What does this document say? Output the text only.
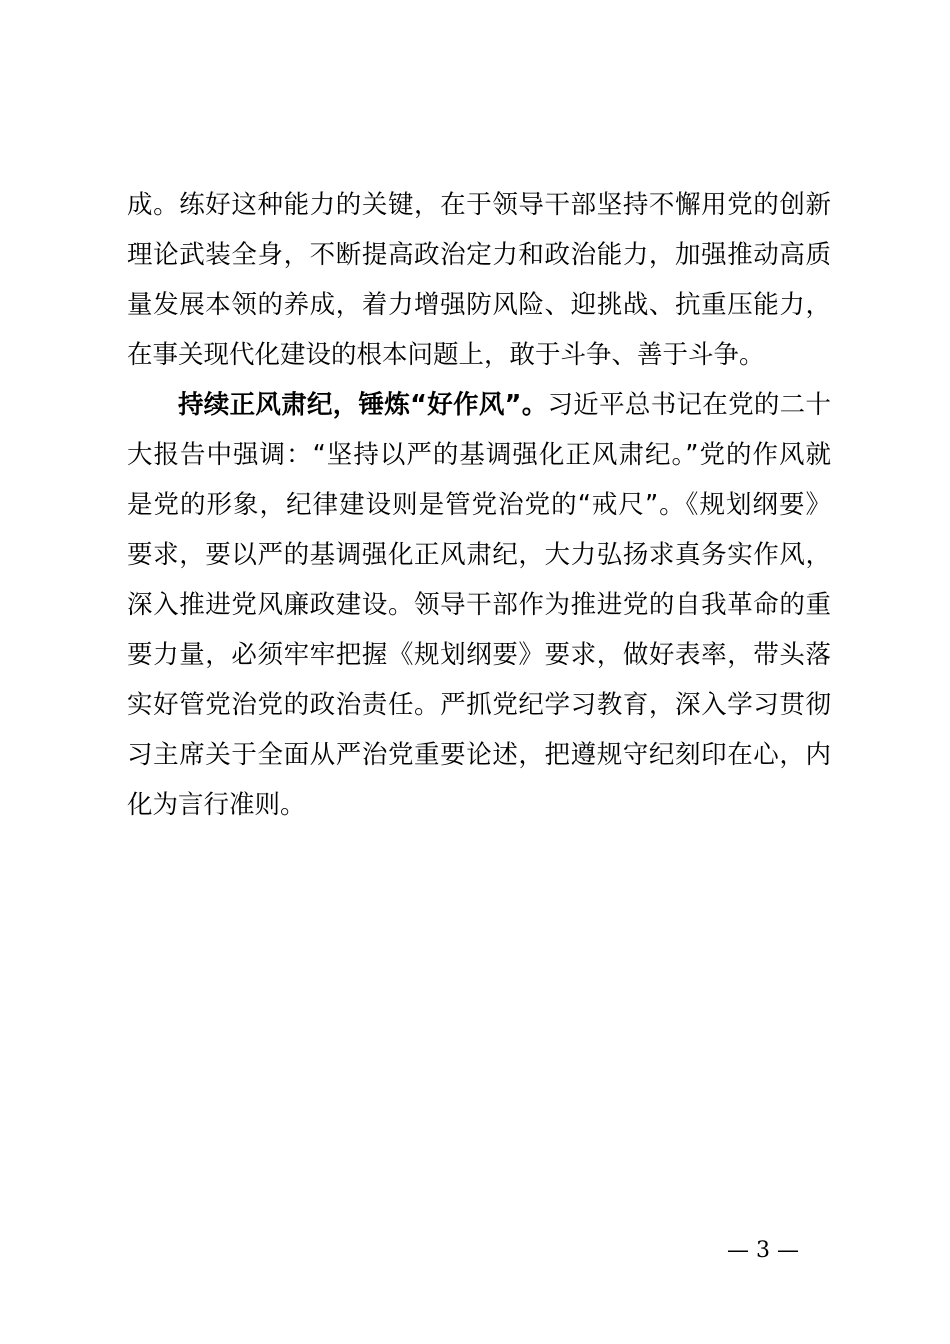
成。练好这种能力的关键，在于领导干部坚持不懈用党的创新
理论武装全身，不断提高政治定力和政治能力，加强推动高质
量发展本领的养成，着力增强防风险、迎挑战、抗重压能力，
在事关现代化建设的根本问题上，敢于斗争、善于斗争。
持续正风肃纪，锤炼“好作风”。习近平总书记在党的二十
大报告中强调：“坚持以严的基调强化正风肃纪。”党的作风就
是党的形象，纪律建设则是管党治党的“戒尺”。《规划纲要》
要求，要以严的基调强化正风肃纪，大力弘扬求真务实作风，
深入推进党风廉政建设。领导干部作为推进党的自我革命的重
要力量，必须牢牢把握《规划纲要》要求，做好表率，带头落
实好管党治党的政治责任。严抓党纪学习教育，深入学习贯彻
习主席关于全面从严治党重要论述，把遵规守纪刻印在心，内
化为言行准则。
— 3 —
